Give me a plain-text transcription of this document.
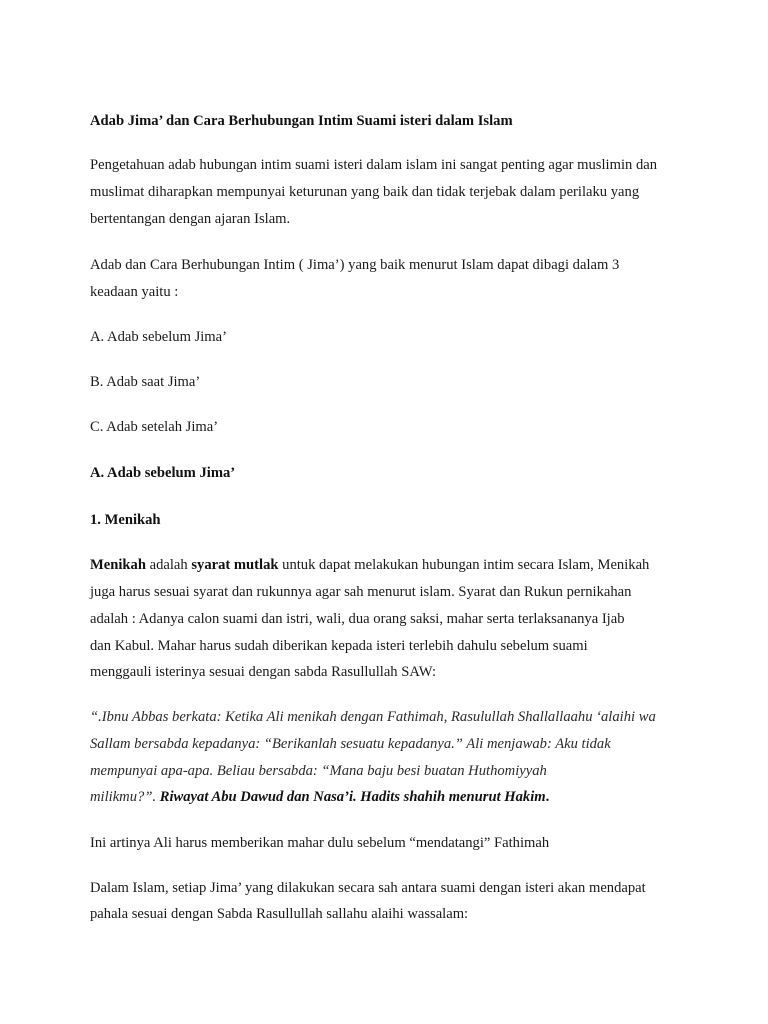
Adab Jima’ dan Cara Berhubungan Intim Suami isteri dalam Islam
Pengetahuan adab hubungan intim suami isteri dalam islam ini sangat penting agar muslimin dan
muslimat diharapkan mempunyai keturunan yang baik dan tidak terjebak dalam perilaku yang
bertentangan dengan ajaran Islam.
Adab dan Cara Berhubungan Intim ( Jima’) yang baik menurut Islam dapat dibagi dalam 3
keadaan yaitu :
A. Adab sebelum Jima’
B. Adab saat Jima’
C. Adab setelah Jima’
A. Adab sebelum Jima’
1. Menikah
Menikah adalah syarat mutlak untuk dapat melakukan hubungan intim secara Islam, Menikah
juga harus sesuai syarat dan rukunnya agar sah menurut islam. Syarat dan Rukun pernikahan
adalah : Adanya calon suami dan istri, wali, dua orang saksi, mahar serta terlaksananya Ijab
dan Kabul. Mahar harus sudah diberikan kepada isteri terlebih dahulu sebelum suami
menggauli isterinya sesuai dengan sabda Rasullullah SAW:
“.Ibnu Abbas berkata: Ketika Ali menikah dengan Fathimah, Rasulullah Shallallaahu ‘alaihi wa
Sallam bersabda kepadanya: “Berikanlah sesuatu kepadanya.” Ali menjawab: Aku tidak
mempunyai apa-apa. Beliau bersabda: “Mana baju besi buatan Huthomiyyah
milikmu?”. Riwayat Abu Dawud dan Nasa’i. Hadits shahih menurut Hakim.
Ini artinya Ali harus memberikan mahar dulu sebelum “mendatangi” Fathimah
Dalam Islam, setiap Jima’ yang dilakukan secara sah antara suami dengan isteri akan mendapat
pahala sesuai dengan Sabda Rasullullah sallahu alaihi wassalam:
